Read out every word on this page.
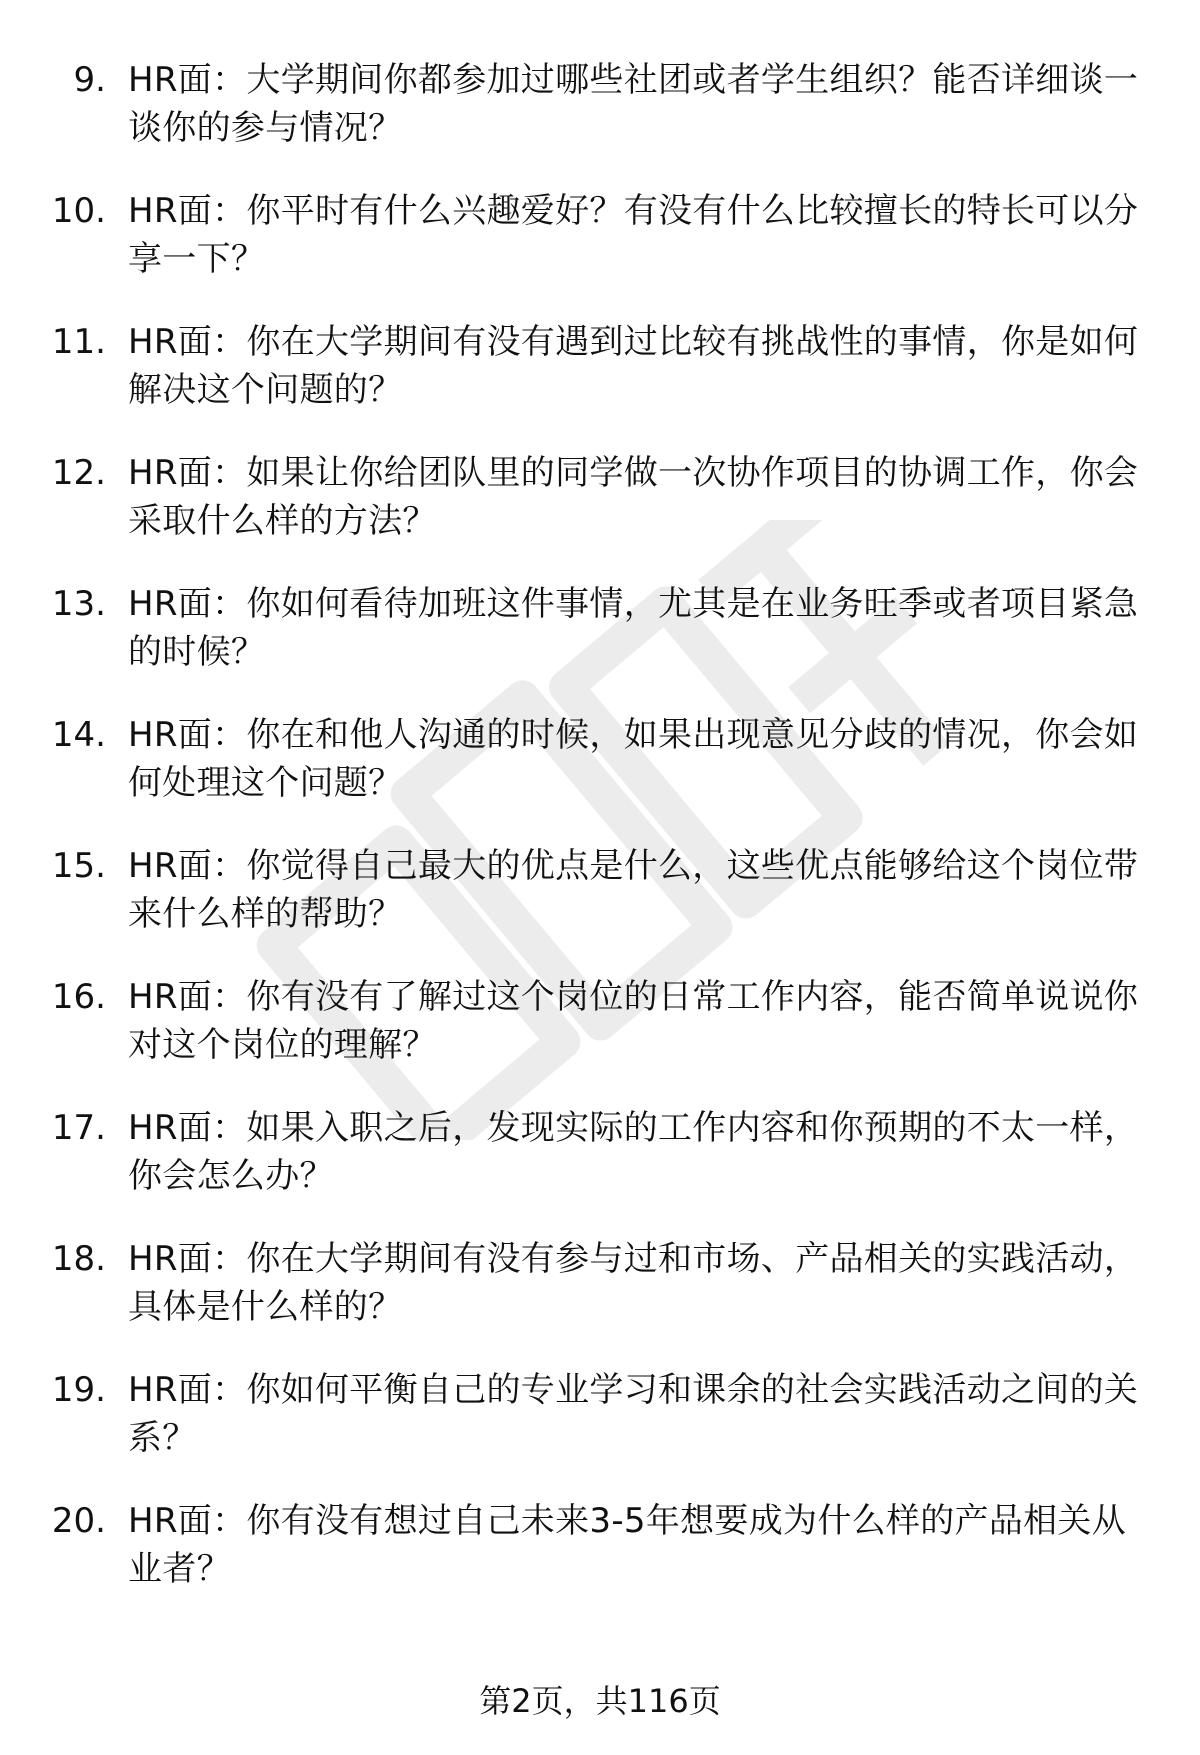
9. HR面：大学期间你都参加过哪些社团或者学生组织？能否详细谈一谈你的参与情况？
10. HR面：你平时有什么兴趣爱好？有没有什么比较擅长的特长可以分享一下？
11. HR面：你在大学期间有没有遇到过比较有挑战性的事情，你是如何解决这个问题的？
12. HR面：如果让你给团队里的同学做一次协作项目的协调工作，你会采取什么样的方法？
13. HR面：你如何看待加班这件事情，尤其是在业务旺季或者项目紧急的时候？
14. HR面：你在和他人沟通的时候，如果出现意见分歧的情况，你会如何处理这个问题？
15. HR面：你觉得自己最大的优点是什么，这些优点能够给这个岗位带来什么样的帮助？
16. HR面：你有没有了解过这个岗位的日常工作内容，能否简单说说你对这个岗位的理解？
17. HR面：如果入职之后，发现实际的工作内容和你预期的不太一样，你会怎么办？
18. HR面：你在大学期间有没有参与过和市场、产品相关的实践活动，具体是什么样的？
19. HR面：你如何平衡自己的专业学习和课余的社会实践活动之间的关系？
20. HR面：你有没有想过自己未来3-5年想要成为什么样的产品相关从业者？
第2页，共116页
